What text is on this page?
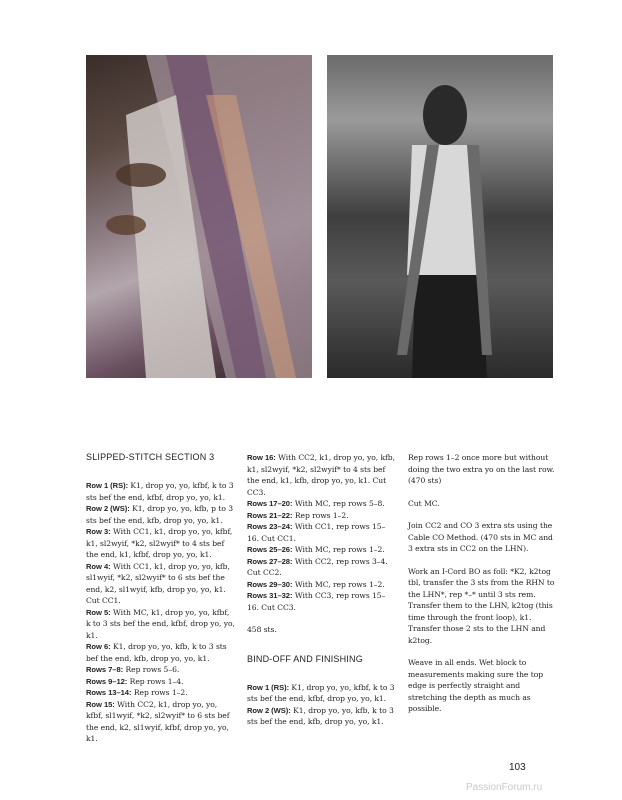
SLIPPED-STITCH SECTION 3

Row 1 (RS): K1, drop yo, yo, kfbf, k to 3 sts bef the end, kfbf, drop yo, yo, k1.

Row 2 (WS): K1, drop yo, yo, kfb, p to 3 sts bef the end, kfb, drop yo, yo, k1.

Row 3: With CC1, k1, drop yo, yo, kfbf, k1, sl2wyif, *k2, sl2wyif* to 4 sts bef the end, k1, kfbf, drop yo, yo, k1.

Row 4: With CC1, k1, drop yo, yo, kfb, sl1wyif, *k2, sl2wyif* to 6 sts bef the end, k2, sl1wyif, kfb, drop yo, yo, k1. Cut CC1.

Row 5: With MC, k1, drop yo, yo, kfbf, k to 3 sts bef the end, kfbf, drop yo, yo, k1.

Row 6: K1, drop yo, yo, kfb, k to 3 sts bef the end, kfb, drop yo, yo, k1.

Rows 7–8: Rep rows 5–6.

Rows 9–12: Rep rows 1–4.

Rows 13–14: Rep rows 1–2.

Row 15: With CC2, k1, drop yo, yo, kfbf, sl1wyif, *k2, sl2wyif* to 6 sts bef the end, k2, sl1wyif, kfbf, drop yo, yo, k1.

Row 16: With CC2, k1, drop yo, yo, kfb, k1, sl2wyif, *k2, sl2wyif* to 4 sts bef the end, k1, kfb, drop yo, yo, k1. Cut CC3.

Rows 17–20: With MC, rep rows 5–8.

Rows 21–22: Rep rows 1–2.

Rows 23–24: With CC1, rep rows 15–16. Cut CC1.

Rows 25–26: With MC, rep rows 1–2.

Rows 27–28: With CC2, rep rows 3–4. Cut CC2.

Rows 29–30: With MC, rep rows 1–2.

Rows 31–32: With CC3, rep rows 15–16. Cut CC3.

458 sts.
BIND-OFF AND FINISHING

Row 1 (RS): K1, drop yo, yo, kfbf, k to 3 sts bef the end, kfbf, drop yo, yo, k1.

Row 2 (WS): K1, drop yo, yo, kfb, k to 3 sts bef the end, kfb, drop yo, yo, k1.

Rep rows 1–2 once more but without doing the two extra yo on the last row. (470 sts)

Cut MC.

Join CC2 and CO 3 extra sts using the Cable CO Method. (470 sts in MC and 3 extra sts in CC2 on the LHN).

Work an I-Cord BO as foll: *K2, k2tog tbl, transfer the 3 sts from the RHN to the LHN*, rep *–* until 3 sts rem. Transfer them to the LHN, k2tog (this time through the front loop), k1. Transfer those 2 sts to the LHN and k2tog.

Weave in all ends. Wet block to measurements making sure the top edge is perfectly straight and stretching the depth as much as possible.

103
PassionForum.ru
